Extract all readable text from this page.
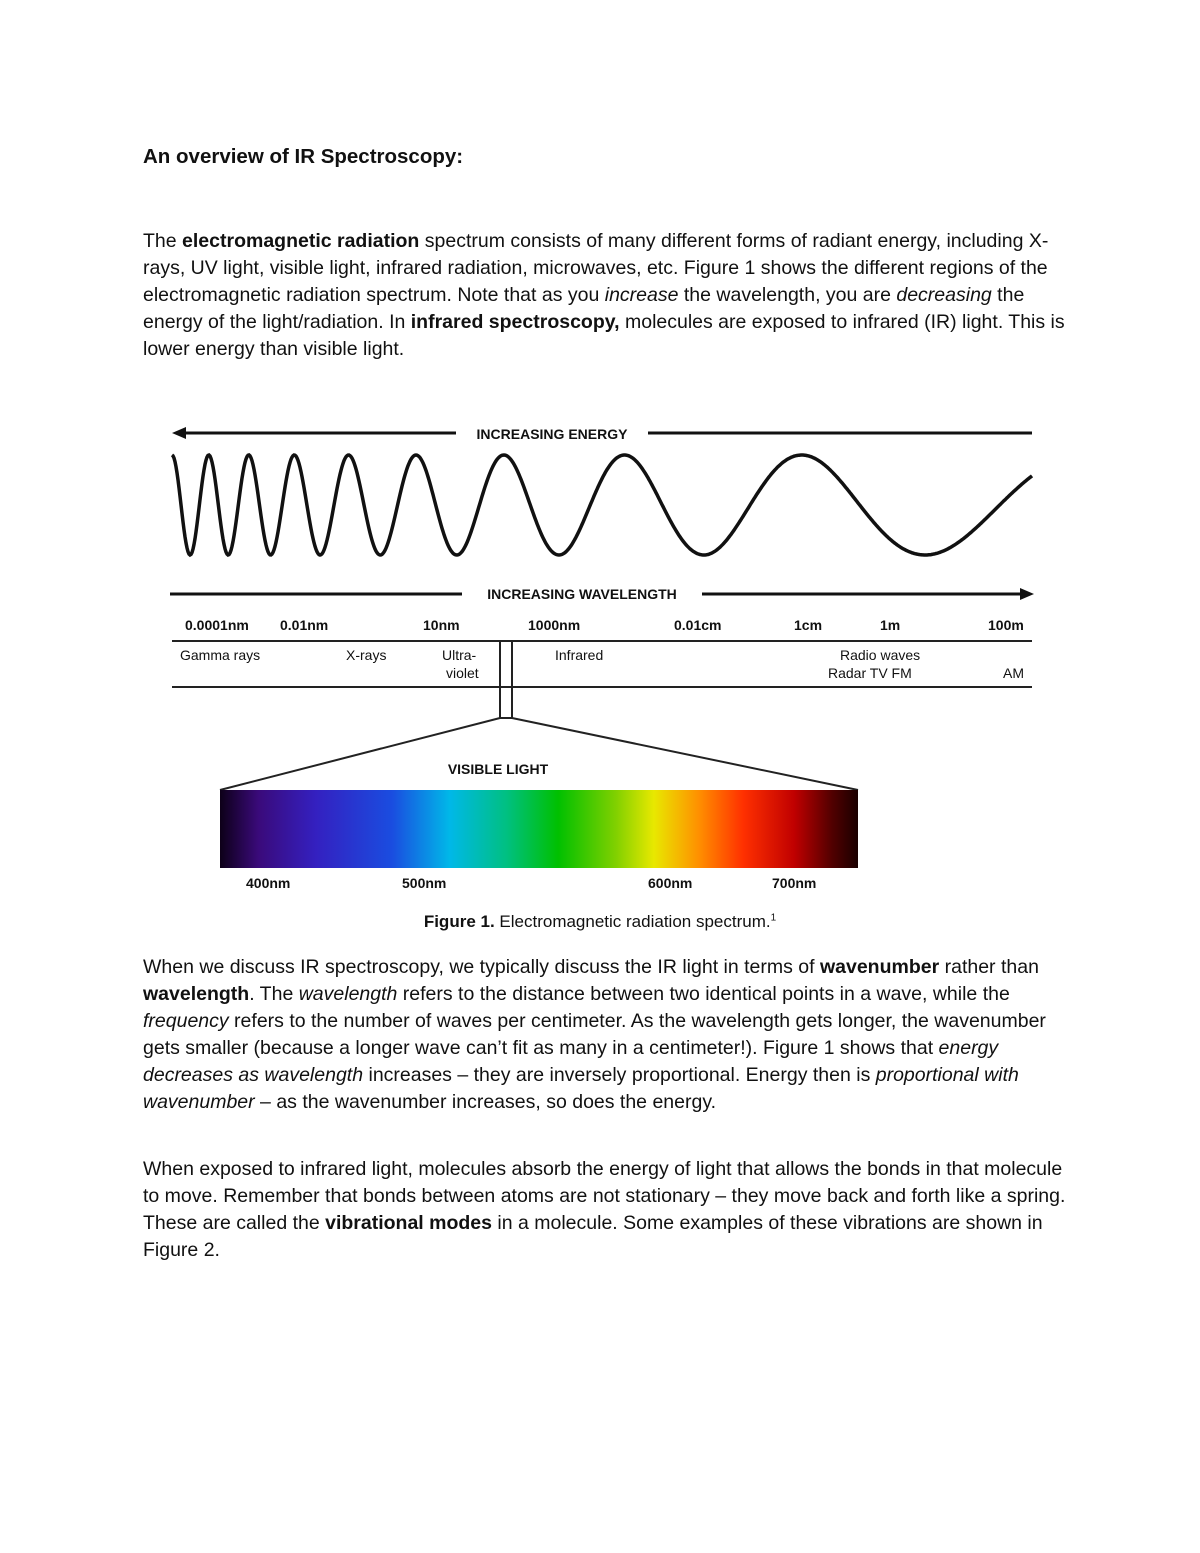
An overview of IR Spectroscopy:

The electromagnetic radiation spectrum consists of many different forms of radiant energy, including X-rays, UV light, visible light, infrared radiation, microwaves, etc. Figure 1 shows the different regions of the electromagnetic radiation spectrum. Note that as you increase the wavelength, you are decreasing the energy of the light/radiation. In infrared spectroscopy, molecules are exposed to infrared (IR) light. This is lower energy than visible light.

INCREASING ENERGY
INCREASING WAVELENGTH
0.0001nm 0.01nm	10nm	1000nm	0.01cm	1cm	1m	100m
Gamma rays	X-rays	Ultra-
violet
Infrared	Radio waves
Radar TV FM	AM
VISIBLE LIGHT
400nm	500nm	600nm	700nm

Figure 1. Electromagnetic radiation spectrum.$^1$

When we discuss IR spectroscopy, we typically discuss the IR light in terms of wavenumber rather than wavelength. The wavelength refers to the distance between two identical points in a wave, while the frequency refers to the number of waves per centimeter. As the wavelength gets longer, the wavenumber gets smaller (because a longer wave can’t fit as many in a centimeter!). Figure 1 shows that energy decreases as wavelength increases – they are inversely proportional. Energy then is proportional with wavenumber – as the wavenumber increases, so does the energy.

When exposed to infrared light, molecules absorb the energy of light that allows the bonds in that molecule to move. Remember that bonds between atoms are not stationary – they move back and forth like a spring. These are called the vibrational modes in a molecule. Some examples of these vibrations are shown in Figure 2.
